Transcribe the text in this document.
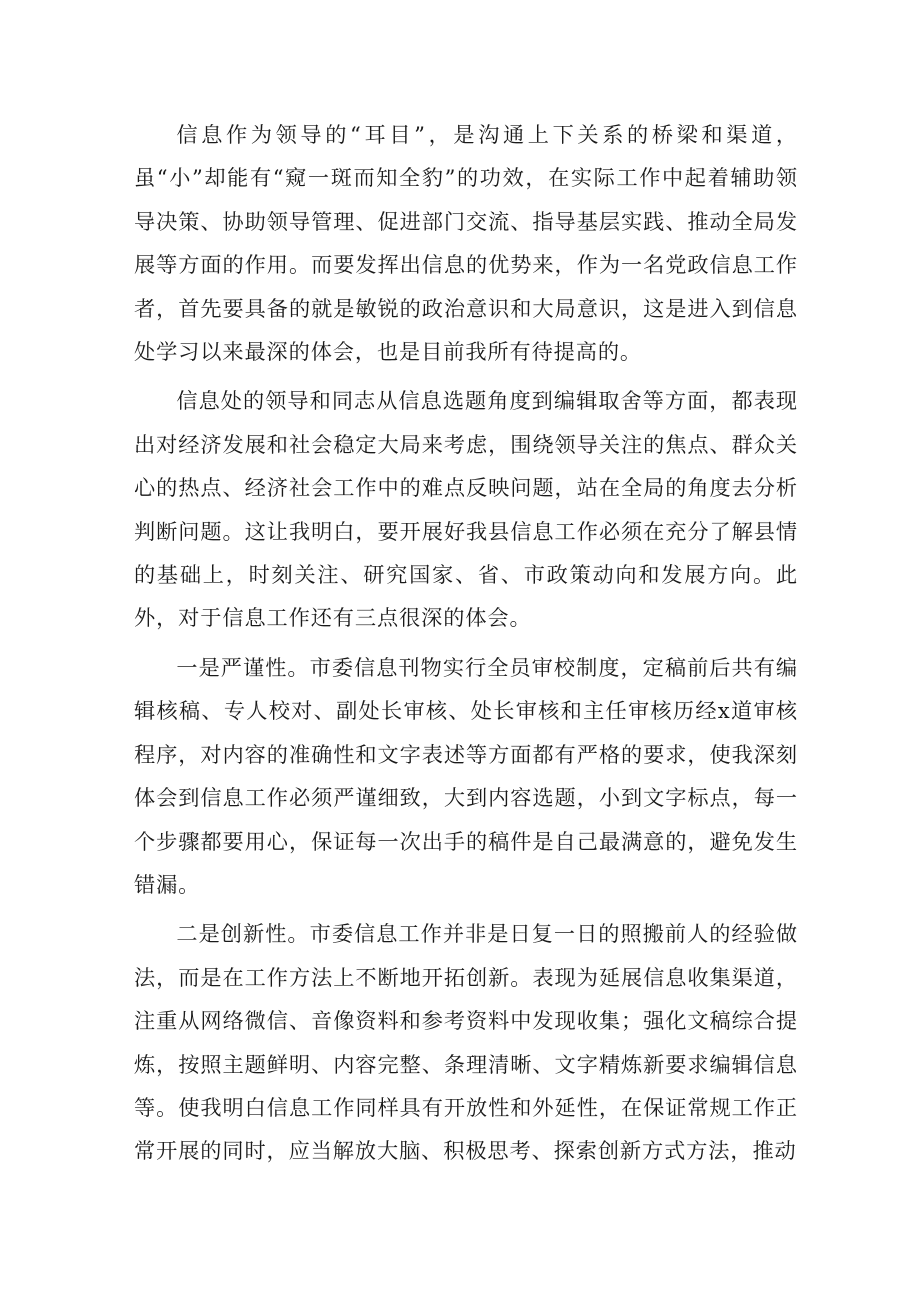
信息作为领导的“耳目”，是沟通上下关系的桥梁和渠道，虽“小”却能有“窥一斑而知全豹”的功效，在实际工作中起着辅助领导决策、协助领导管理、促进部门交流、指导基层实践、推动全局发展等方面的作用。而要发挥出信息的优势来，作为一名党政信息工作者，首先要具备的就是敏锐的政治意识和大局意识，这是进入到信息处学习以来最深的体会，也是目前我所有待提高的。

信息处的领导和同志从信息选题角度到编辑取舍等方面，都表现出对经济发展和社会稳定大局来考虑，围绕领导关注的焦点、群众关心的热点、经济社会工作中的难点反映问题，站在全局的角度去分析判断问题。这让我明白，要开展好我县信息工作必须在充分了解县情的基础上，时刻关注、研究国家、省、市政策动向和发展方向。此外，对于信息工作还有三点很深的体会。

一是严谨性。市委信息刊物实行全员审校制度，定稿前后共有编辑核稿、专人校对、副处长审核、处长审核和主任审核历经x道审核程序，对内容的准确性和文字表述等方面都有严格的要求，使我深刻体会到信息工作必须严谨细致，大到内容选题，小到文字标点，每一个步骤都要用心，保证每一次出手的稿件是自己最满意的，避免发生错漏。

二是创新性。市委信息工作并非是日复一日的照搬前人的经验做法，而是在工作方法上不断地开拓创新。表现为延展信息收集渠道，注重从网络微信、音像资料和参考资料中发现收集；强化文稿综合提炼，按照主题鲜明、内容完整、条理清晰、文字精炼新要求编辑信息等。使我明白信息工作同样具有开放性和外延性，在保证常规工作正常开展的同时，应当解放大脑、积极思考、探索创新方式方法，推动
